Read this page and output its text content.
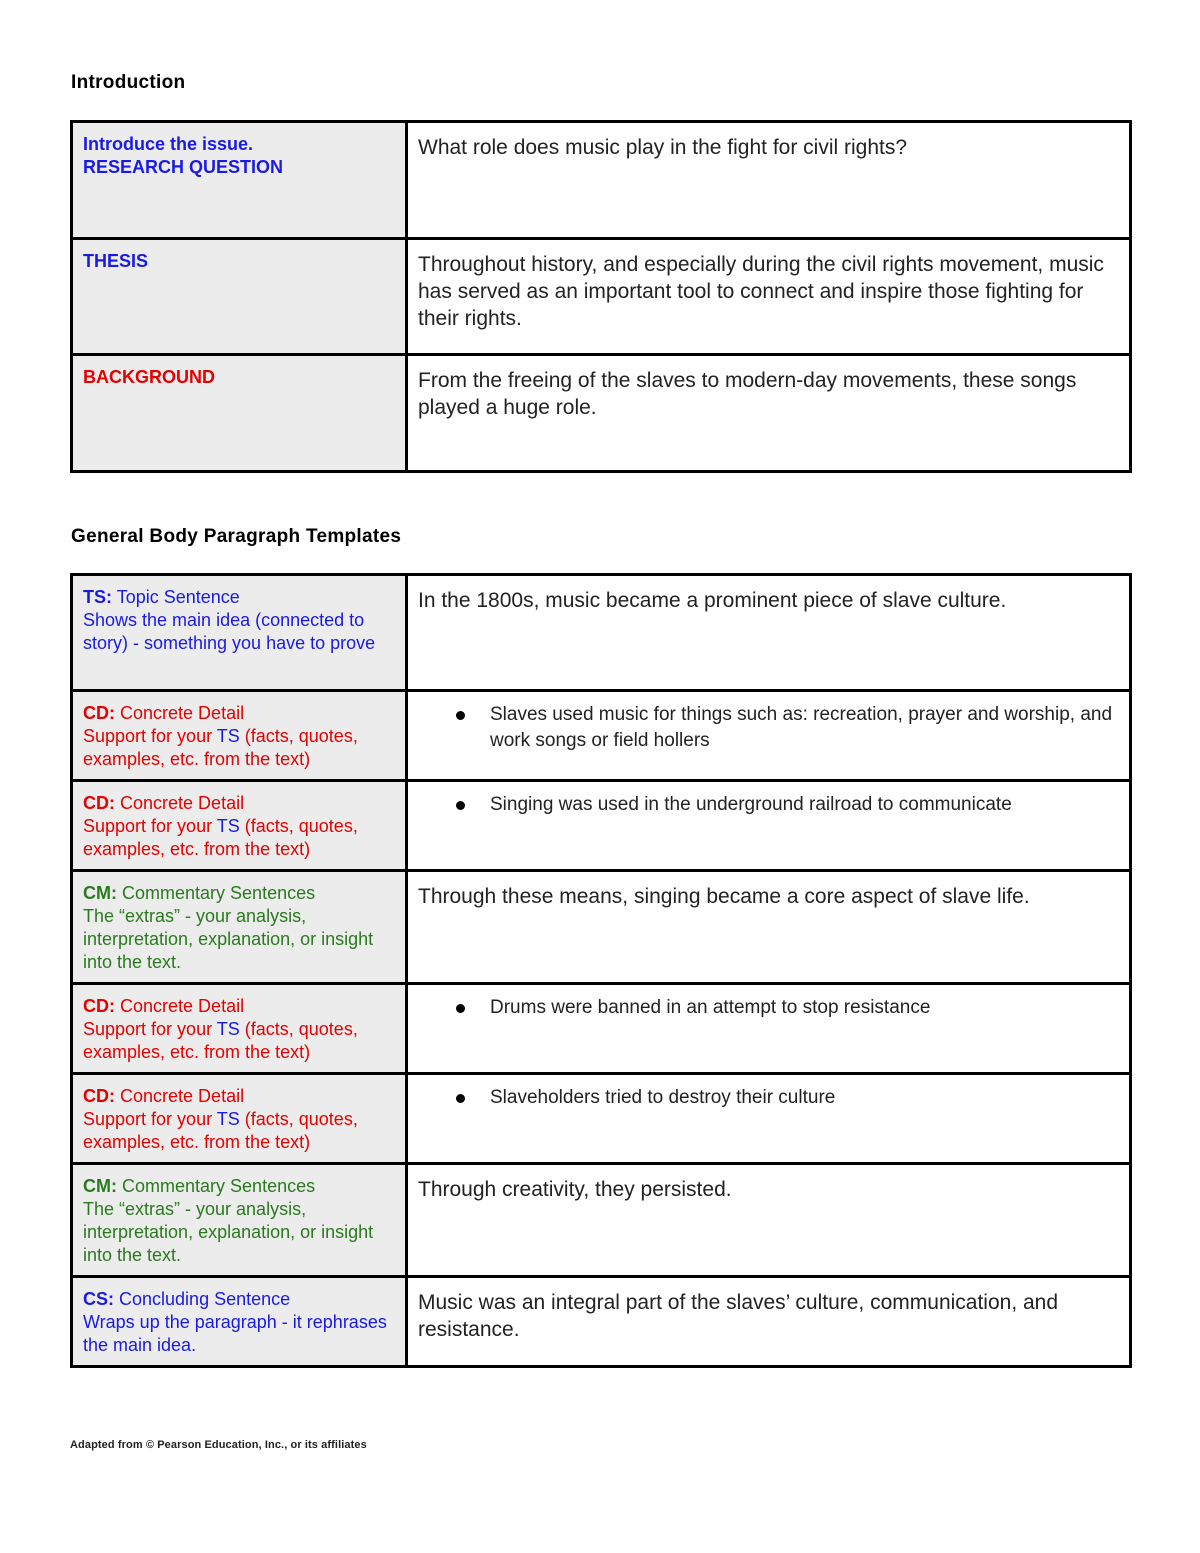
Introduction
Introduce the issue.
RESEARCH QUESTION	What role does music play in the fight for civil rights?

THESIS	Throughout history, and especially during the civil rights movement, music has served as an important tool to connect and inspire those fighting for their rights.

BACKGROUND	From the freeing of the slaves to modern-day movements, these songs played a huge role.
General Body Paragraph Templates
TS: Topic Sentence
Shows the main idea (connected to story) - something you have to prove	In the 1800s, music became a prominent piece of slave culture.

CD: Concrete Detail
Support for your TS (facts, quotes, examples, etc. from the text)	Slaves used music for things such as: recreation, prayer and worship, and work songs or field hollers

CD: Concrete Detail
Support for your TS (facts, quotes, examples, etc. from the text)	Singing was used in the underground railroad to communicate

CM: Commentary Sentences
The “extras” - your analysis, interpretation, explanation, or insight into the text.	Through these means, singing became a core aspect of slave life.

CD: Concrete Detail
Support for your TS (facts, quotes, examples, etc. from the text)	Drums were banned in an attempt to stop resistance

CD: Concrete Detail
Support for your TS (facts, quotes, examples, etc. from the text)	Slaveholders tried to destroy their culture

CM: Commentary Sentences
The “extras” - your analysis, interpretation, explanation, or insight into the text.	Through creativity, they persisted.

CS: Concluding Sentence
Wraps up the paragraph - it rephrases the main idea.	Music was an integral part of the slaves’ culture, communication, and resistance.
Adapted from © Pearson Education, Inc., or its affiliates
